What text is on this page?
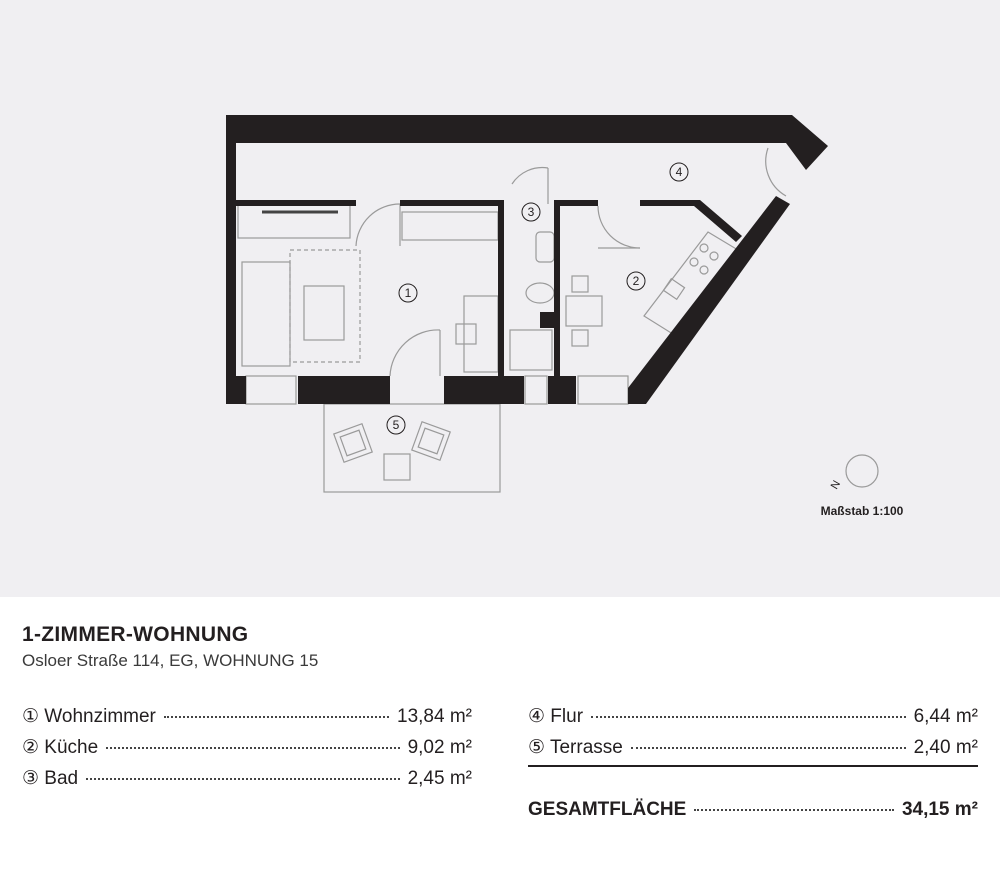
1
2
3
4
5
N
Maßstab 1:100
1-ZIMMER-WOHNUNG
Osloer Straße 114, EG, WOHNUNG 15
① Wohnzimmer	13,84 m²
② Küche	9,02 m²
③ Bad	2,45 m²
④ Flur	6,44 m²
⑤ Terrasse	2,40 m²
GESAMTFLÄCHE	34,15 m²
